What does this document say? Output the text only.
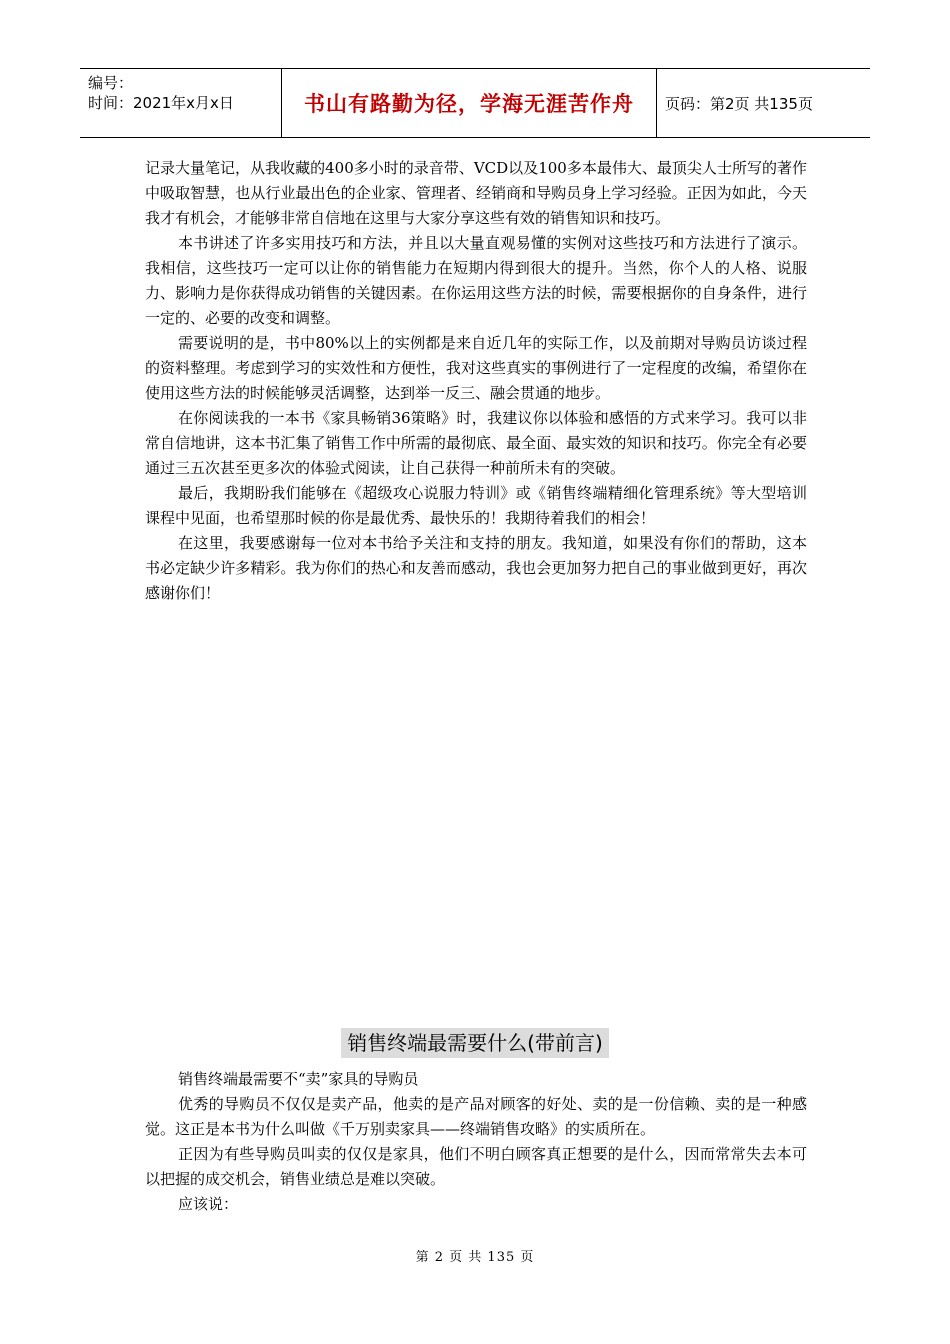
编号：
时间：2021年x月x日	书山有路勤为径，学海无涯苦作舟	页码：第2页 共135页

记录大量笔记，从我收藏的400多小时的录音带、VCD以及100多本最伟大、最顶尖人士所写的著作中吸取智慧，也从行业最出色的企业家、管理者、经销商和导购员身上学习经验。正因为如此，今天我才有机会，才能够非常自信地在这里与大家分享这些有效的销售知识和技巧。

本书讲述了许多实用技巧和方法，并且以大量直观易懂的实例对这些技巧和方法进行了演示。我相信，这些技巧一定可以让你的销售能力在短期内得到很大的提升。当然，你个人的人格、说服力、影响力是你获得成功销售的关键因素。在你运用这些方法的时候，需要根据你的自身条件，进行一定的、必要的改变和调整。

需要说明的是，书中80%以上的实例都是来自近几年的实际工作，以及前期对导购员访谈过程的资料整理。考虑到学习的实效性和方便性，我对这些真实的事例进行了一定程度的改编，希望你在使用这些方法的时候能够灵活调整，达到举一反三、融会贯通的地步。

在你阅读我的一本书《家具畅销36策略》时，我建议你以体验和感悟的方式来学习。我可以非常自信地讲，这本书汇集了销售工作中所需的最彻底、最全面、最实效的知识和技巧。你完全有必要通过三五次甚至更多次的体验式阅读，让自己获得一种前所未有的突破。

最后，我期盼我们能够在《超级攻心说服力特训》或《销售终端精细化管理系统》等大型培训课程中见面，也希望那时候的你是最优秀、最快乐的！我期待着我们的相会！

在这里，我要感谢每一位对本书给予关注和支持的朋友。我知道，如果没有你们的帮助，这本书必定缺少许多精彩。我为你们的热心和友善而感动，我也会更加努力把自己的事业做到更好，再次感谢你们！

销售终端最需要什么(带前言)

销售终端最需要不“卖”家具的导购员

优秀的导购员不仅仅是卖产品，他卖的是产品对顾客的好处、卖的是一份信赖、卖的是一种感觉。这正是本书为什么叫做《千万别卖家具——终端销售攻略》的实质所在。

正因为有些导购员叫卖的仅仅是家具，他们不明白顾客真正想要的是什么，因而常常失去本可以把握的成交机会，销售业绩总是难以突破。

应该说：

第 2 页 共 135 页
